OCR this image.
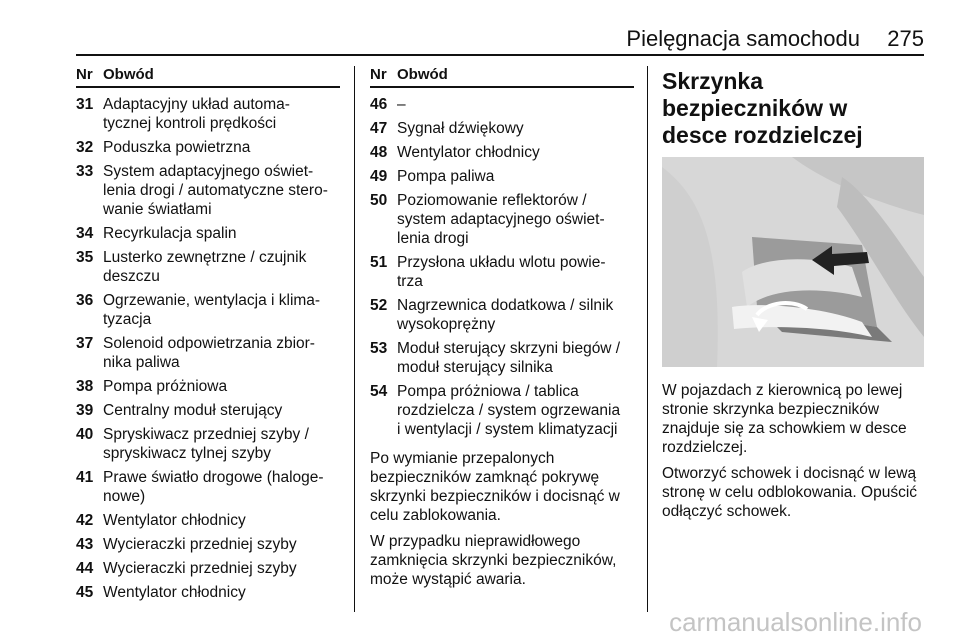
Pielęgnacja samochodu 275
Nr Obwód
31 Adaptacyjny układ automa-
tycznej kontroli prędkości
32 Poduszka powietrzna
33 System adaptacyjnego oświet-
lenia drogi / automatyczne stero-
wanie światłami
34 Recyrkulacja spalin
35 Lusterko zewnętrzne / czujnik
deszczu
36 Ogrzewanie, wentylacja i klima-
tyzacja
37 Solenoid odpowietrzania zbior-
nika paliwa
38 Pompa próżniowa
39 Centralny moduł sterujący
40 Spryskiwacz przedniej szyby /
spryskiwacz tylnej szyby
41 Prawe światło drogowe (haloge-
nowe)
42 Wentylator chłodnicy
43 Wycieraczki przedniej szyby
44 Wycieraczki przedniej szyby
45 Wentylator chłodnicy
Nr Obwód
46 –
47 Sygnał dźwiękowy
48 Wentylator chłodnicy
49 Pompa paliwa
50 Poziomowanie reflektorów /
system adaptacyjnego oświet-
lenia drogi
51 Przysłona układu wlotu powie-
trza
52 Nagrzewnica dodatkowa / silnik
wysokoprężny
53 Moduł sterujący skrzyni biegów /
moduł sterujący silnika
54 Pompa próżniowa / tablica
rozdzielcza / system ogrzewania
i wentylacji / system klimatyzacji

Po wymianie przepalonych
bezpieczników zamknąć pokrywę
skrzynki bezpieczników i docisnąć w
celu zablokowania.

W przypadku nieprawidłowego
zamknięcia skrzynki bezpieczników,
może wystąpić awaria.

Skrzynka bezpieczników w
desce rozdzielczej

W pojazdach z kierownicą po lewej
stronie skrzynka bezpieczników
znajduje się za schowkiem w desce
rozdzielczej.

Otworzyć schowek i docisnąć w lewą
stronę w celu odblokowania. Opuścić
odłączyć schowek.

carmanualsonline.info
